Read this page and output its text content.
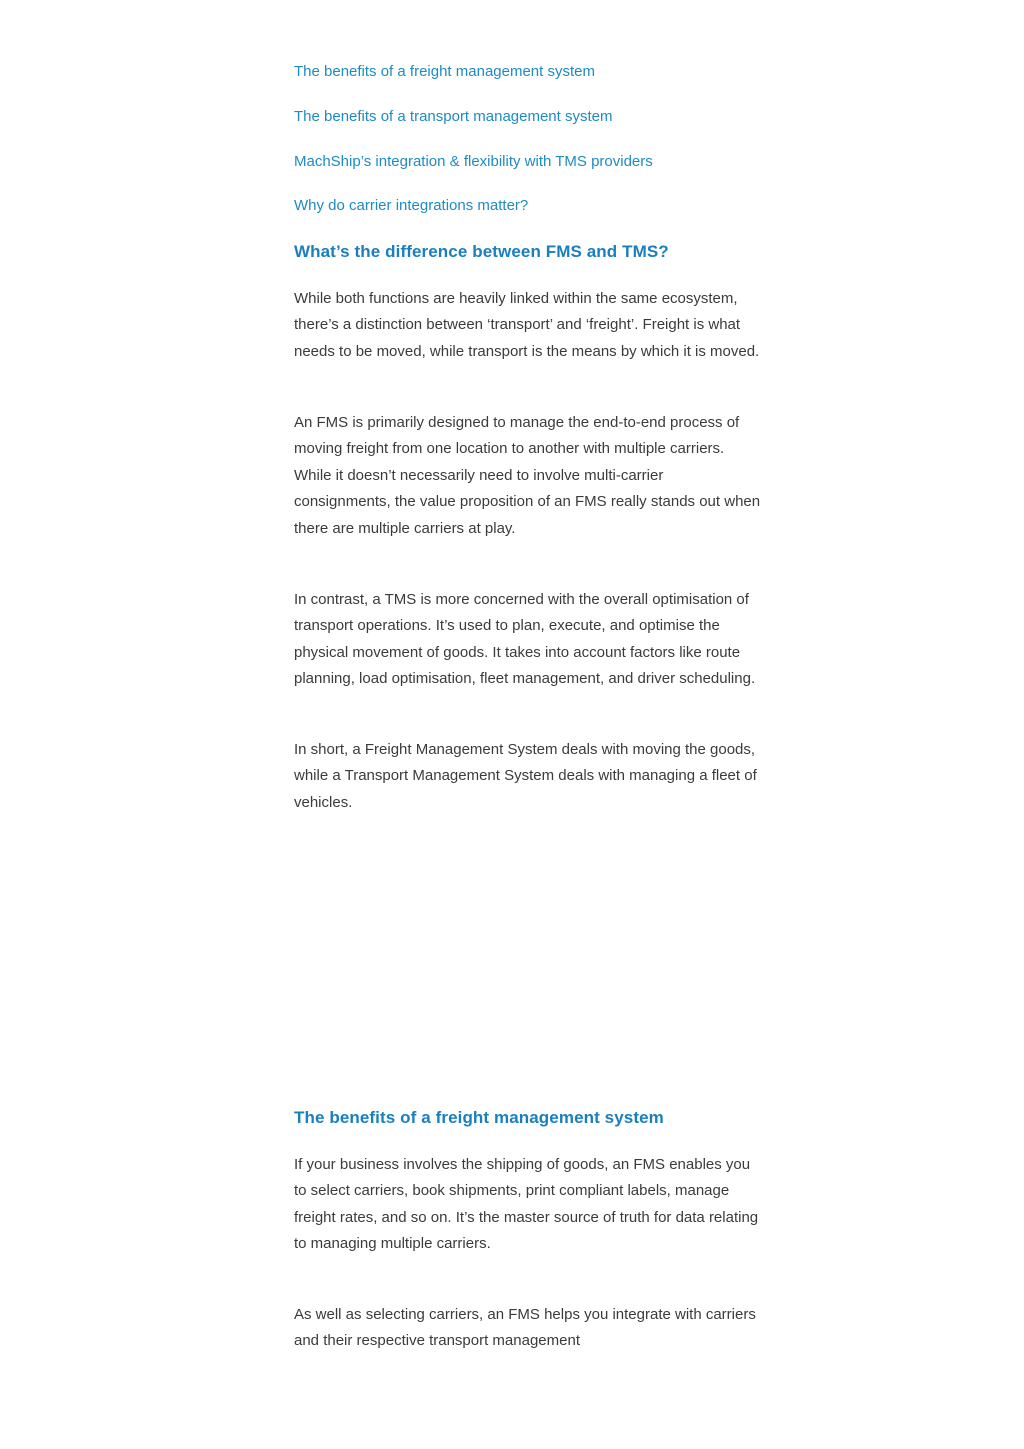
The benefits of a freight management system
The benefits of a transport management system
MachShip’s integration & flexibility with TMS providers
Why do carrier integrations matter?
What’s the difference between FMS and TMS?

While both functions are heavily linked within the same ecosystem, there’s a distinction between ‘transport’ and ‘freight’. Freight is what needs to be moved, while transport is the means by which it is moved.

An FMS is primarily designed to manage the end-to-end process of moving freight from one location to another with multiple carriers. While it doesn’t necessarily need to involve multi-carrier consignments, the value proposition of an FMS really stands out when there are multiple carriers at play.

In contrast, a TMS is more concerned with the overall optimisation of transport operations. It’s used to plan, execute, and optimise the physical movement of goods. It takes into account factors like route planning, load optimisation, fleet management, and driver scheduling.

In short, a Freight Management System deals with moving the goods, while a Transport Management System deals with managing a fleet of vehicles.

The benefits of a freight management system

If your business involves the shipping of goods, an FMS enables you to select carriers, book shipments, print compliant labels, manage freight rates, and so on. It’s the master source of truth for data relating to managing multiple carriers.

As well as selecting carriers, an FMS helps you integrate with carriers and their respective transport management
